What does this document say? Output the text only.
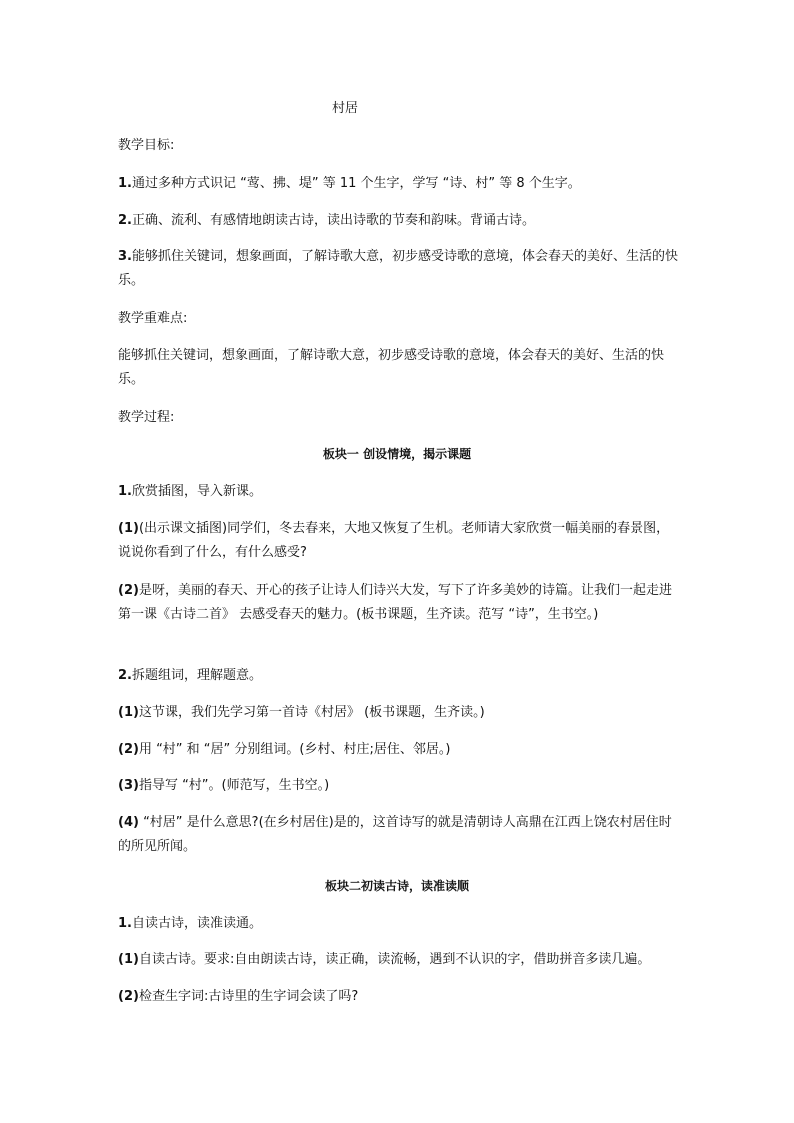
村居

教学目标:

1.通过多种方式识记 “莺、拂、堤” 等 11 个生字，学写 “诗、村” 等 8 个生字。

2.正确、流利、有感情地朗读古诗，读出诗歌的节奏和韵味。背诵古诗。

3.能够抓住关键词，想象画面，了解诗歌大意，初步感受诗歌的意境，体会春天的美好、生活的快乐。

教学重难点:

能够抓住关键词，想象画面，了解诗歌大意，初步感受诗歌的意境，体会春天的美好、生活的快乐。

教学过程:

板块一 创设情境，揭示课题

1.欣赏插图，导入新课。

(1)(出示课文插图)同学们，冬去春来，大地又恢复了生机。老师请大家欣赏一幅美丽的春景图，说说你看到了什么，有什么感受?

(2)是呀，美丽的春天、开心的孩子让诗人们诗兴大发，写下了许多美妙的诗篇。让我们一起走进第一课《古诗二首》 去感受春天的魅力。(板书课题，生齐读。范写 “诗”，生书空。)

2.拆题组词，理解题意。

(1)这节课，我们先学习第一首诗《村居》 (板书课题，生齐读。)

(2)用 “村” 和 “居” 分别组词。(乡村、村庄;居住、邻居。)

(3)指导写 “村”。(师范写，生书空。)

(4) “村居” 是什么意思?(在乡村居住)是的，这首诗写的就是清朝诗人高鼎在江西上饶农村居住时的所见所闻。

板块二初读古诗，读准读顺

1.自读古诗，读准读通。

(1)自读古诗。要求:自由朗读古诗，读正确，读流畅，遇到不认识的字，借助拼音多读几遍。

(2)检查生字词:古诗里的生字词会读了吗?
